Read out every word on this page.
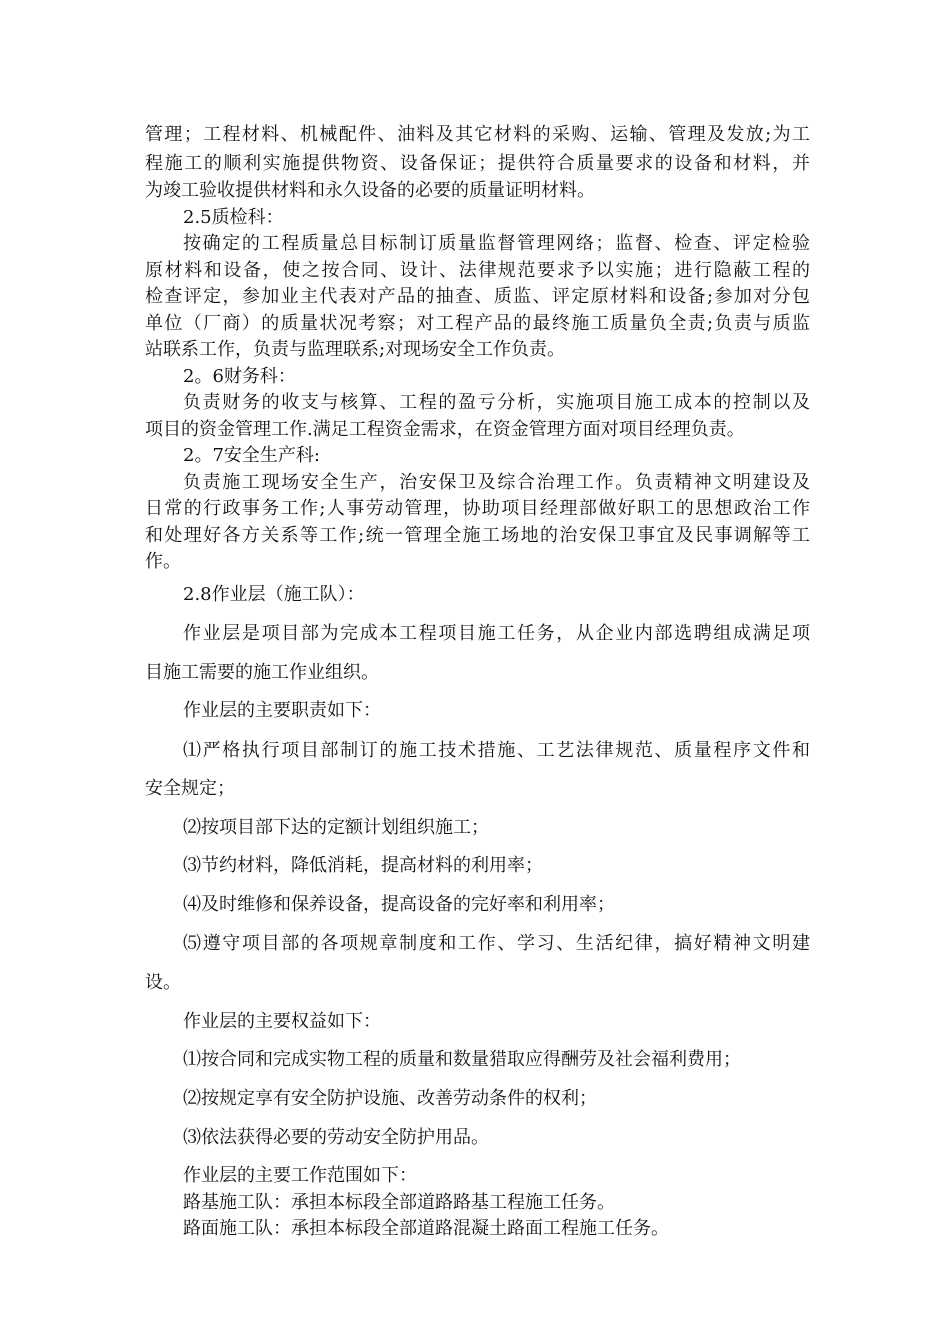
管理；工程材料、机械配件、油料及其它材料的采购、运输、管理及发放;为工
程施工的顺利实施提供物资、设备保证；提供符合质量要求的设备和材料，并
为竣工验收提供材料和永久设备的必要的质量证明材料。
2.5质检科：
按确定的工程质量总目标制订质量监督管理网络；监督、检查、评定检验
原材料和设备，使之按合同、设计、法律规范要求予以实施；进行隐蔽工程的
检查评定，参加业主代表对产品的抽查、质监、评定原材料和设备;参加对分包
单位（厂商）的质量状况考察；对工程产品的最终施工质量负全责;负责与质监
站联系工作，负责与监理联系;对现场安全工作负责。
2。6财务科：
负责财务的收支与核算、工程的盈亏分析，实施项目施工成本的控制以及
项目的资金管理工作.满足工程资金需求，在资金管理方面对项目经理负责。
2。7安全生产科:
负责施工现场安全生产，治安保卫及综合治理工作。负责精神文明建设及
日常的行政事务工作;人事劳动管理，协助项目经理部做好职工的思想政治工作
和处理好各方关系等工作;统一管理全施工场地的治安保卫事宜及民事调解等工
作。
2.8作业层（施工队）：
作业层是项目部为完成本工程项目施工任务，从企业内部选聘组成满足项
目施工需要的施工作业组织。
作业层的主要职责如下：
⑴严格执行项目部制订的施工技术措施、工艺法律规范、质量程序文件和
安全规定；
⑵按项目部下达的定额计划组织施工；
⑶节约材料，降低消耗，提高材料的利用率；
⑷及时维修和保养设备，提高设备的完好率和利用率；
⑸遵守项目部的各项规章制度和工作、学习、生活纪律，搞好精神文明建
设。
作业层的主要权益如下：
⑴按合同和完成实物工程的质量和数量猎取应得酬劳及社会福利费用；
⑵按规定享有安全防护设施、改善劳动条件的权利；
⑶依法获得必要的劳动安全防护用品。
作业层的主要工作范围如下：
路基施工队：承担本标段全部道路路基工程施工任务。
路面施工队：承担本标段全部道路混凝土路面工程施工任务。
